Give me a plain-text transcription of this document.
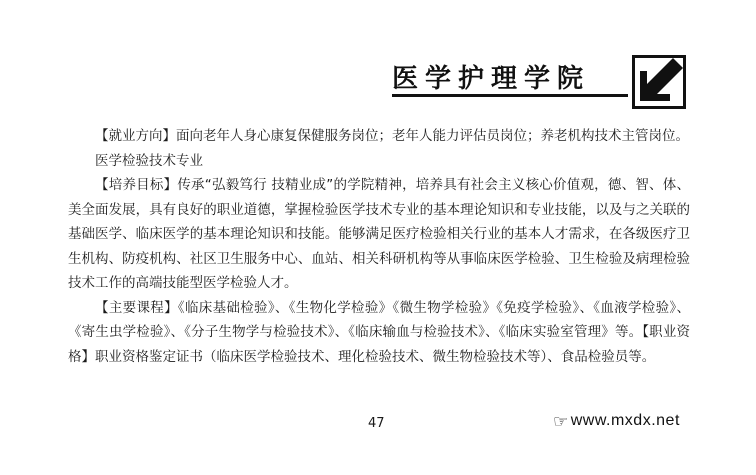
医学护理学院

【就业方向】面向老年人身心康复保健服务岗位；老年人能力评估员岗位；养老机构技术主管岗位。

医学检验技术专业

【培养目标】传承“弘毅笃行 技精业成”的学院精神，培养具有社会主义核心价值观，德、智、体、美全面发展，具有良好的职业道德，掌握检验医学技术专业的基本理论知识和专业技能，以及与之关联的基础医学、临床医学的基本理论知识和技能。能够满足医疗检验相关行业的基本人才需求，在各级医疗卫生机构、防疫机构、社区卫生服务中心、血站、相关科研机构等从事临床医学检验、卫生检验及病理检验技术工作的高端技能型医学检验人才。

【主要课程】《临床基础检验》、《生物化学检验》《微生物学检验》《免疫学检验》、《血液学检验》、《寄生虫学检验》、《分子生物学与检验技术》、《临床输血与检验技术》、《临床实验室管理》等。【职业资格】职业资格鉴定证书（临床医学检验技术、理化检验技术、微生物检验技术等）、食品检验员等。

47	☞ www.mxdx.net
